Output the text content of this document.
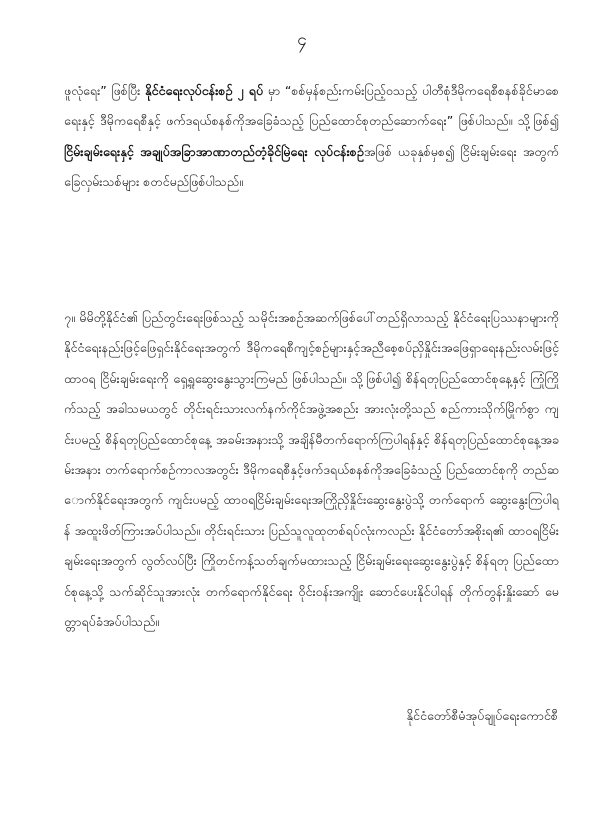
၄
ဖူလုံရေး” ဖြစ်ပြီး နိုင်ငံရေးလုပ်ငန်းစဉ် ၂ ရပ် မှာ “စစ်မှန်စည်းကမ်းပြည့်ဝသည့် ပါတီစုံဒီမိုကရေစီစနစ်ခိုင်မာစေရေးနှင့် ဒီမိုကရေစီနှင့် ဖက်ဒရယ်စနစ်ကိုအခြေခံသည့် ပြည်ထောင်စုတည်ဆောက်ရေး” ဖြစ်ပါသည်။ သို့ဖြစ်၍ ငြိမ်းချမ်းရေးနှင့် အချုပ်အခြာအာဏာတည်တံ့ခိုင်မြဲရေး လုပ်ငန်းစဉ်အဖြစ် ယခုနှစ်မှစ၍ ငြိမ်းချမ်းရေး အတွက် ခြေလှမ်းသစ်များ စတင်မည်ဖြစ်ပါသည်။
၇။ မိမိတို့နိုင်ငံ၏ ပြည်တွင်းရေးဖြစ်သည့် သမိုင်းအစဉ်အဆက်ဖြစ်ပေါ်တည်ရှိလာသည့် နိုင်ငံရေးပြဿနာများကို နိုင်ငံရေးနည်းဖြင့်ဖြေရှင်းနိုင်ရေးအတွက် ဒီမိုကရေစီကျင့်စဉ်များနှင့်အညီစေ့စပ်ညှိနှိုင်းအဖြေရှာရေးနည်းလမ်းဖြင့် ထာဝရ ငြိမ်းချမ်းရေးကို ရှေ့ရှုဆွေးနွေးသွားကြမည် ဖြစ်ပါသည်။ သို့ဖြစ်ပါ၍ စိန်ရတုပြည်ထောင်စုနေ့နှင့် ကြုံကြိုက်သည့် အခါသမယတွင် တိုင်းရင်းသားလက်နက်ကိုင်အဖွဲ့အစည်း အားလုံးတို့သည် စည်ကားသိုက်မြိုက်စွာ ကျင်းပမည့် စိန်ရတုပြည်ထောင်စုနေ့ အခမ်းအနားသို့ အချိန်မီတက်ရောက်ကြပါရန်နှင့် စိန်ရတုပြည်ထောင်စုနေ့အခမ်းအနား တက်ရောက်စဉ်ကာလအတွင်း ဒီမိုကရေစီနှင့်ဖက်ဒရယ်စနစ်ကိုအခြေခံသည့် ပြည်ထောင်စုကို တည်ဆောက်နိုင်ရေးအတွက် ကျင်းပမည့် ထာဝရငြိမ်းချမ်းရေးအကြိုညှိနှိုင်းဆွေးနွေးပွဲသို့ တက်ရောက် ဆွေးနွေးကြပါရန် အထူးဖိတ်ကြားအပ်ပါသည်။ တိုင်းရင်းသား ပြည်သူလူထုတစ်ရပ်လုံးကလည်း နိုင်ငံတော်အစိုးရ၏ ထာဝရငြိမ်းချမ်းရေးအတွက် လွတ်လပ်ပြီး ကြိုတင်ကန့်သတ်ချက်မထားသည့် ငြိမ်းချမ်းရေးဆွေးနွေးပွဲနှင့် စိန်ရတု ပြည်ထောင်စုနေ့သို့ သက်ဆိုင်သူအားလုံး တက်ရောက်နိုင်ရေး ဝိုင်းဝန်းအကျိုး ဆောင်ပေးနိုင်ပါရန် တိုက်တွန်းနှိုးဆော် မေတ္တာရပ်ခံအပ်ပါသည်။
နိုင်ငံတော်စီမံအုပ်ချုပ်ရေးကောင်စီ
